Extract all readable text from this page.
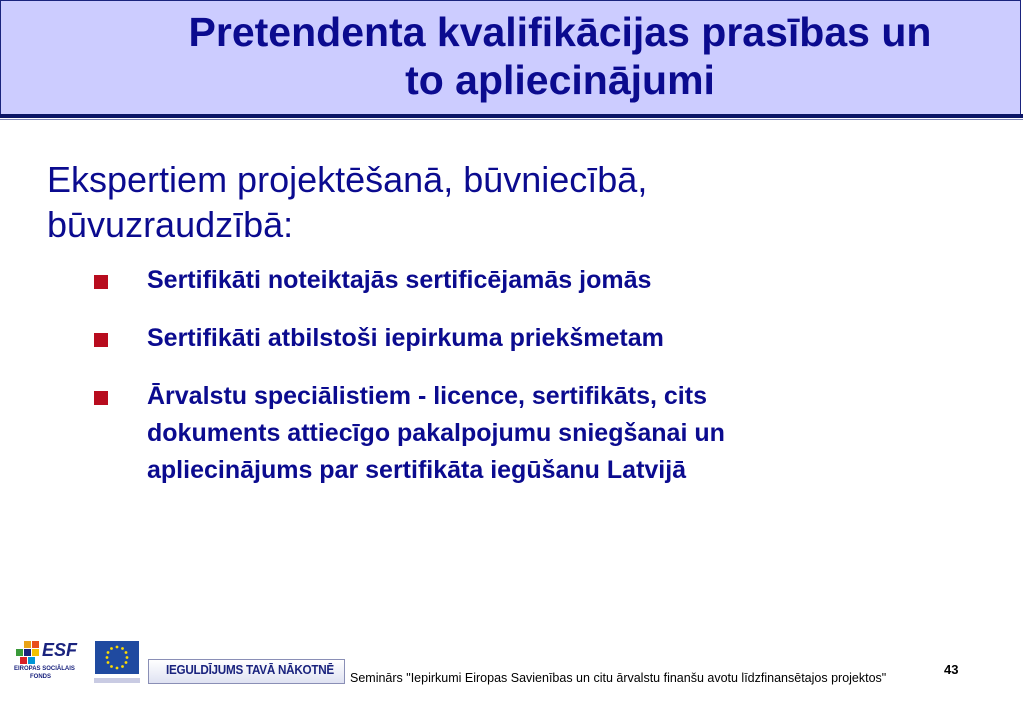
Pretendenta kvalifikācijas prasības un
to apliecinājumi

Ekspertiem projektēšanā, būvniecībā,
būvuzraudzībā:

Sertifikāti noteiktajās sertificējamās jomās
Sertifikāti atbilstoši iepirkuma priekšmetam
Ārvalstu speciālistiem - licence, sertifikāts, cits
dokuments attiecīgo pakalpojumu sniegšanai un
apliecinājums par sertifikāta iegūšanu Latvijā

ESF

EIROPAS SOCIĀLAIS

FONDS	IEGULDĪJUMS TAVĀ NĀKOTNĒ

Seminārs "Iepirkumi Eiropas Savienības un citu ārvalstu finanšu avotu līdzfinansētajos projektos"

43
